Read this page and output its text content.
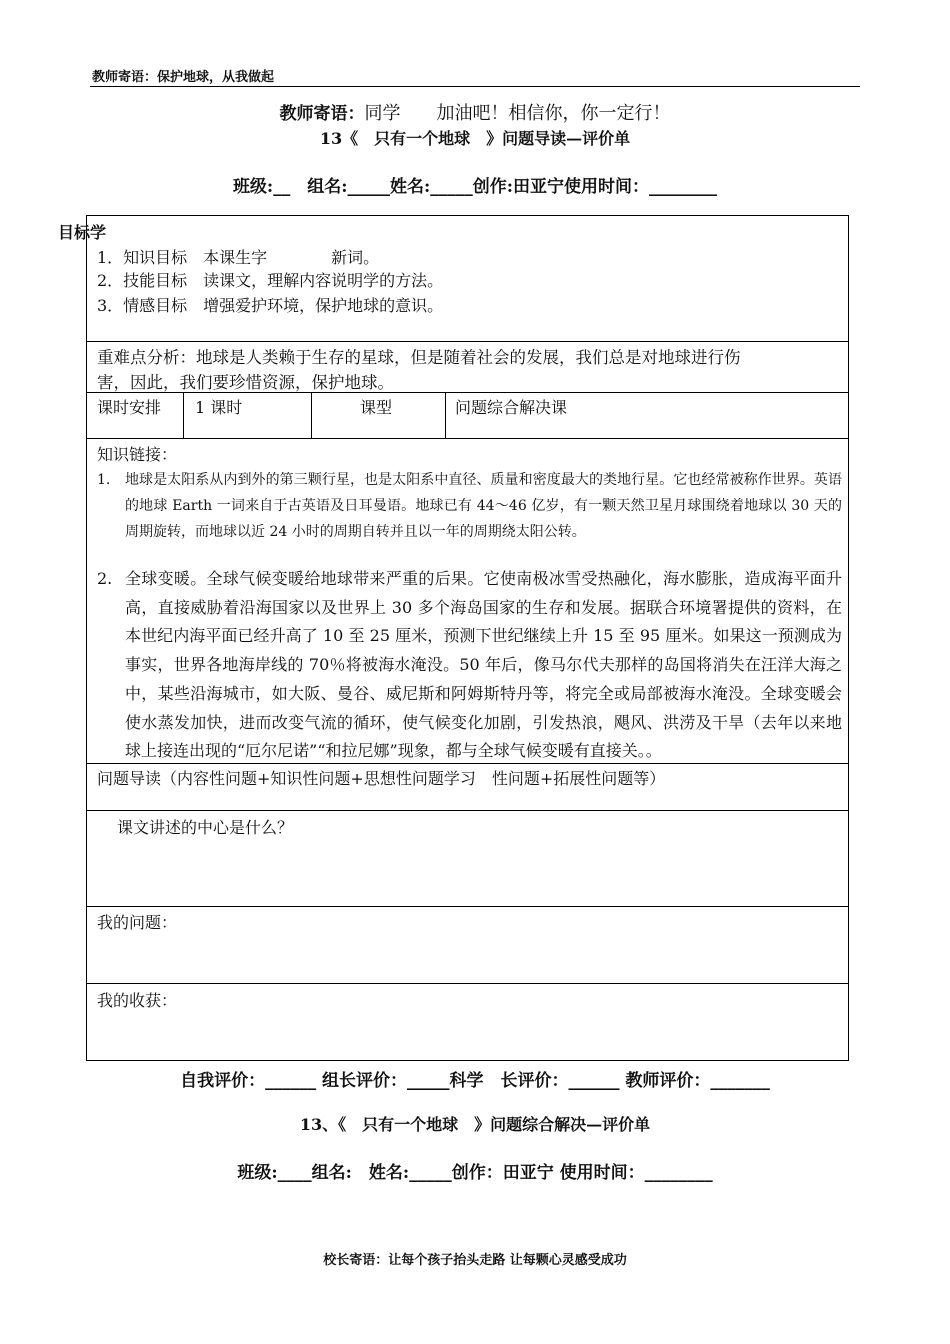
教师寄语：保护地球，从我做起
教师寄语：同学　　加油吧！相信你，你一定行！
13《　只有一个地球　》问题导读—评价单
班级:__　组名:_____姓名:_____创作:田亚宁使用时间：________
1．知识目标　本课生字　　　　新词。
2．技能目标　读课文，理解内容说明学的方法。
3．情感目标　增强爱护环境，保护地球的意识。
重难点分析：地球是人类赖于生存的星球，但是随着社会的发展，我们总是对地球进行伤
害，因此，我们要珍惜资源，保护地球。
课时安排 1 课时	课型	问题综合解决课
知识链接：
1. 地球是太阳系从内到外的第三颗行星，也是太阳系中直径、质量和密度最大的类地行星。它也经常被称作世界。英语的地球 Earth 一词来自于古英语及日耳曼语。地球已有 44～46 亿岁，有一颗天然卫星月球围绕着地球以 30 天的周期旋转，而地球以近 24 小时的周期自转并且以一年的周期绕太阳公转。
2. 全球变暖。全球气候变暖给地球带来严重的后果。它使南极冰雪受热融化，海水膨胀，造成海平面升高，直接威胁着沿海国家以及世界上 30 多个海岛国家的生存和发展。据联合环境署提供的资料，在本世纪内海平面已经升高了 10 至 25 厘米，预测下世纪继续上升 15 至 95 厘米。如果这一预测成为事实，世界各地海岸线的 70％将被海水淹没。50 年后，像马尔代夫那样的岛国将消失在汪洋大海之中，某些沿海城市，如大阪、曼谷、威尼斯和阿姆斯特丹等，将完全或局部被海水淹没。全球变暖会使水蒸发加快，进而改变气流的循环，使气候变化加剧，引发热浪，飓风、洪涝及干旱（去年以来地球上接连出现的“厄尔尼诺”“和拉尼娜”现象，都与全球气候变暖有直接关。。
问题导读（内容性问题+知识性问题+思想性问题学习　性问题+拓展性问题等）
课文讲述的中心是什么？
我的问题：
我的收获：
目标学
自我评价：______ 组长评价：_____科学　长评价：______ 教师评价：_______
13、《　只有一个地球　》问题综合解决—评价单
班级:____组名:　姓名:_____创作：田亚宁 使用时间：________
校长寄语：让每个孩子抬头走路 让每颗心灵感受成功
